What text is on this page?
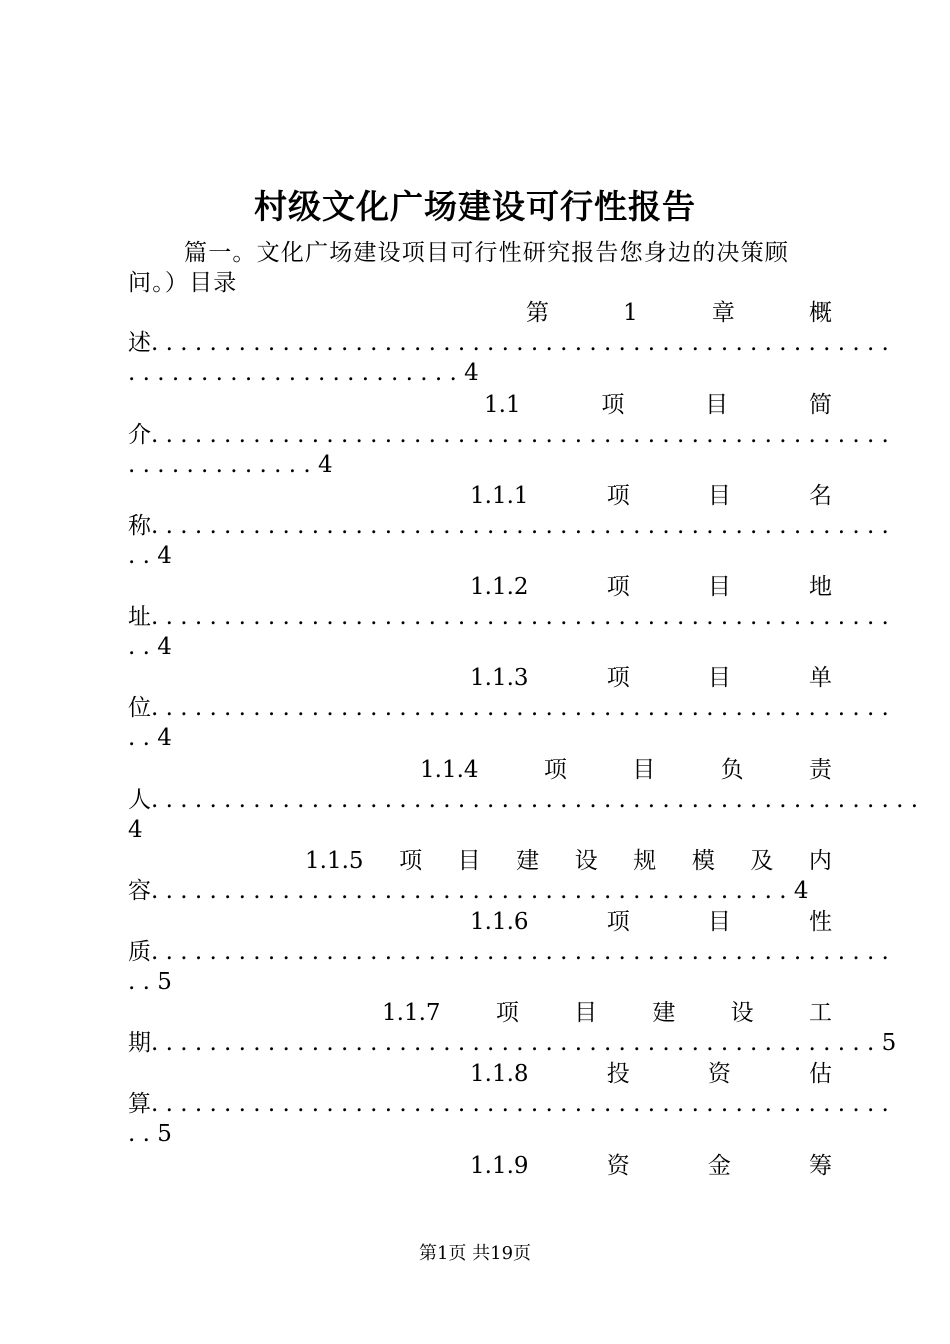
村级文化广场建设可行性报告
篇一。文化广场建设项目可行性研究报告您身边的决策顾
问。）目录
第	1	章	概
述...................................................
.......................4
1.1	项	目	简
介...................................................
.............4
1.1.1	项	目	名
称...................................................
..4
1.1.2	项	目	地
址...................................................
..4
1.1.3	项	目	单
位...................................................
..4
1.1.4	项	目	负	责
人.....................................................
4
1.1.5 项 目 建 设 规 模 及 内
容............................................4
1.1.6	项	目	性
质...................................................
..5
1.1.7 项 目 建 设 工
期..................................................5
1.1.8	投	资	估
算...................................................
..5
1.1.9	资	金	筹
第1页 共19页
